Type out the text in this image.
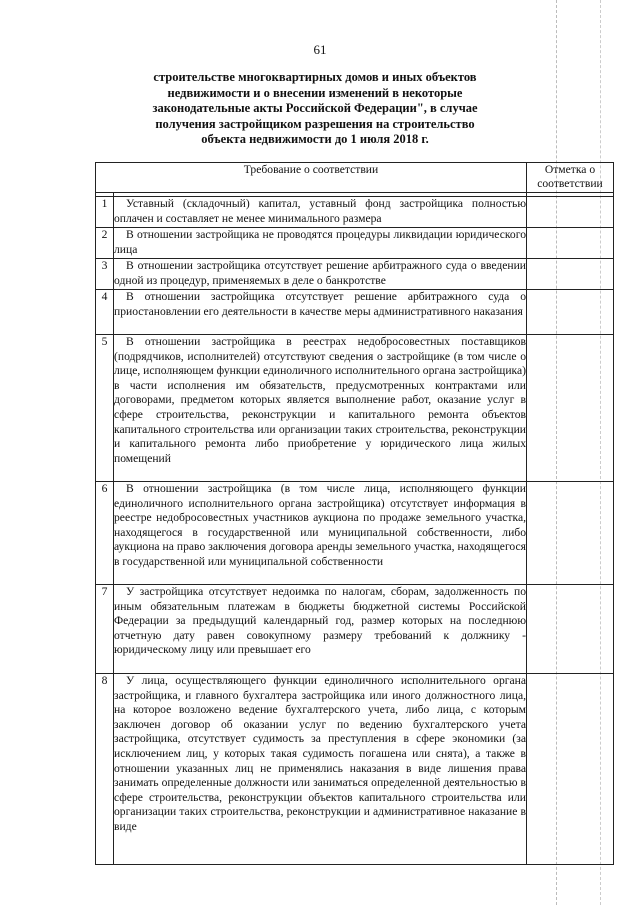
61
строительстве многоквартирных домов и иных объектов
недвижимости и о внесении изменений в некоторые
законодательные акты Российской Федерации", в случае
получения застройщиком разрешения на строительство
объекта недвижимости до 1 июля 2018 г.
Требование о соответствии		Отметка о соответствии

1	Уставный (складочный) капитал, уставный фонд застройщика полностью оплачен и составляет не менее минимального размера	
2	В отношении застройщика не проводятся процедуры ликвидации юридического лица	
3	В отношении застройщика отсутствует решение арбитражного суда о введении одной из процедур, применяемых в деле о банкротстве	
4	В отношении застройщика отсутствует решение арбитражного суда о приостановлении его деятельности в качестве меры административного наказания	
5	В отношении застройщика в реестрах недобросовестных поставщиков (подрядчиков, исполнителей) отсутствуют сведения о застройщике (в том числе о лице, исполняющем функции единоличного исполнительного органа застройщика) в части исполнения им обязательств, предусмотренных контрактами или договорами, предметом которых является выполнение работ, оказание услуг в сфере строительства, реконструкции и капитального ремонта объектов капитального строительства или организации таких строительства, реконструкции и капитального ремонта либо приобретение у юридического лица жилых помещений	
6	В отношении застройщика (в том числе лица, исполняющего функции единоличного исполнительного органа застройщика) отсутствует информация в реестре недобросовестных участников аукциона по продаже земельного участка, находящегося в государственной или муниципальной собственности, либо аукциона на право заключения договора аренды земельного участка, находящегося в государственной или муниципальной собственности	
7	У застройщика отсутствует недоимка по налогам, сборам, задолженность по иным обязательным платежам в бюджеты бюджетной системы Российской Федерации за предыдущий календарный год, размер которых на последнюю отчетную дату равен совокупному размеру требований к должнику - юридическому лицу или превышает его	
8	У лица, осуществляющего функции единоличного исполнительного органа застройщика, и главного бухгалтера застройщика или иного должностного лица, на которое возложено ведение бухгалтерского учета, либо лица, с которым заключен договор об оказании услуг по ведению бухгалтерского учета застройщика, отсутствует судимость за преступления в сфере экономики (за исключением лиц, у которых такая судимость погашена или снята), а также в отношении указанных лиц не применялись наказания в виде лишения права занимать определенные должности или заниматься определенной деятельностью в сфере строительства, реконструкции объектов капитального строительства или организации таких строительства, реконструкции и административное наказание в виде	
